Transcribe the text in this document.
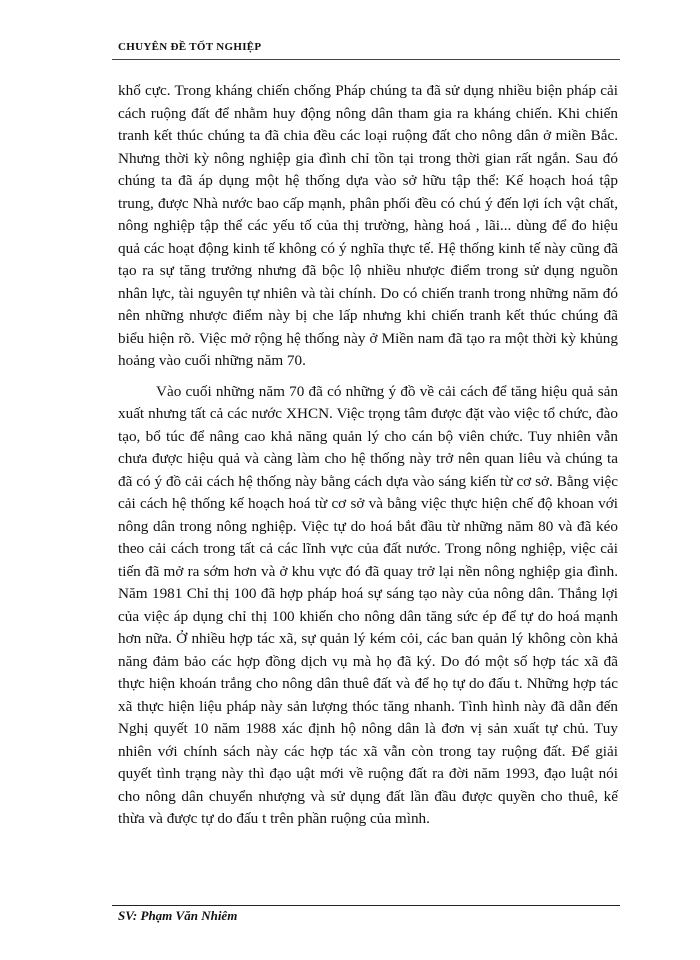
CHUYÊN ĐỀ TỐT NGHIỆP

khổ cực. Trong kháng chiến chống Pháp chúng ta đã sử dụng nhiều biện pháp cải cách ruộng đất để nhằm huy động nông dân tham gia ra kháng chiến. Khi chiến tranh kết thúc chúng ta đã chia đều các loại ruộng đất cho nông dân ở miền Bắc. Nhưng thời kỳ nông nghiệp gia đình chỉ tồn tại trong thời gian rất ngắn. Sau đó chúng ta đã áp dụng một hệ thống dựa vào sở hữu tập thể: Kế hoạch hoá tập trung, được Nhà nước bao cấp mạnh, phân phối đều có chú ý đến lợi ích vật chất, nông nghiệp tập thể các yếu tố của thị trường, hàng hoá , lãi... dùng để đo hiệu quả các hoạt động kinh tế không có ý nghĩa thực tế. Hệ thống kinh tế này cũng đã tạo ra sự tăng trưởng nhưng đã bộc lộ nhiều nhược điểm trong sử dụng nguồn nhân lực, tài nguyên tự nhiên và tài chính. Do có chiến tranh trong những năm đó nên những nhược điểm này bị che lấp nhưng khi chiến tranh kết thúc chúng đã biểu hiện rõ. Việc mở rộng hệ thống này ở Miền nam đã tạo ra một thời kỳ khủng hoảng vào cuối những năm 70.

Vào cuối những năm 70 đã có những ý đồ về cải cách để tăng hiệu quả sản xuất nhưng tất cả các nước XHCN. Việc trọng tâm được đặt vào việc tổ chức, đào tạo, bổ túc để nâng cao khả năng quản lý cho cán bộ viên chức. Tuy nhiên vẫn chưa được hiệu quả và càng làm cho hệ thống này trở nên quan liêu và chúng ta đã có ý đồ cải cách hệ thống này bằng cách dựa vào sáng kiến từ cơ sở. Bằng việc cải cách hệ thống kế hoạch hoá từ cơ sở và bằng việc thực hiện chế độ khoan với nông dân trong nông nghiệp. Việc tự do hoá bắt đầu từ những năm 80 và đã kéo theo cải cách trong tất cả các lĩnh vực của đất nước. Trong nông nghiệp, việc cải tiến đã mở ra sớm hơn và ở khu vực đó đã quay trở lại nền nông nghiệp gia đình. Năm 1981 Chỉ thị 100 đã hợp pháp hoá sự sáng tạo này của nông dân. Thắng lợi của việc áp dụng chỉ thị 100 khiến cho nông dân tăng sức ép để tự do hoá mạnh hơn nữa. Ở nhiều hợp tác xã, sự quản lý kém cỏi, các ban quản lý không còn khả năng đảm bảo các hợp đồng dịch vụ mà họ đã ký. Do đó một số hợp tác xã đã thực hiện khoán trắng cho nông dân thuê đất và để họ tự do đấu t. Những hợp tác xã thực hiện liệu pháp này sản lượng thóc tăng nhanh. Tình hình này đã dẫn đến Nghị quyết 10 năm 1988 xác định hộ nông dân là đơn vị sản xuất tự chủ. Tuy nhiên với chính sách này các hợp tác xã vẫn còn trong tay ruộng đất. Để giải quyết tình trạng này thì đạo uật mới về ruộng đất ra đời năm 1993, đạo luật nói cho nông dân chuyển nhượng và sử dụng đất lần đầu được quyền cho thuê, kế thừa và được tự do đấu t trên phần ruộng của mình.

SV: Phạm Văn Nhiêm
